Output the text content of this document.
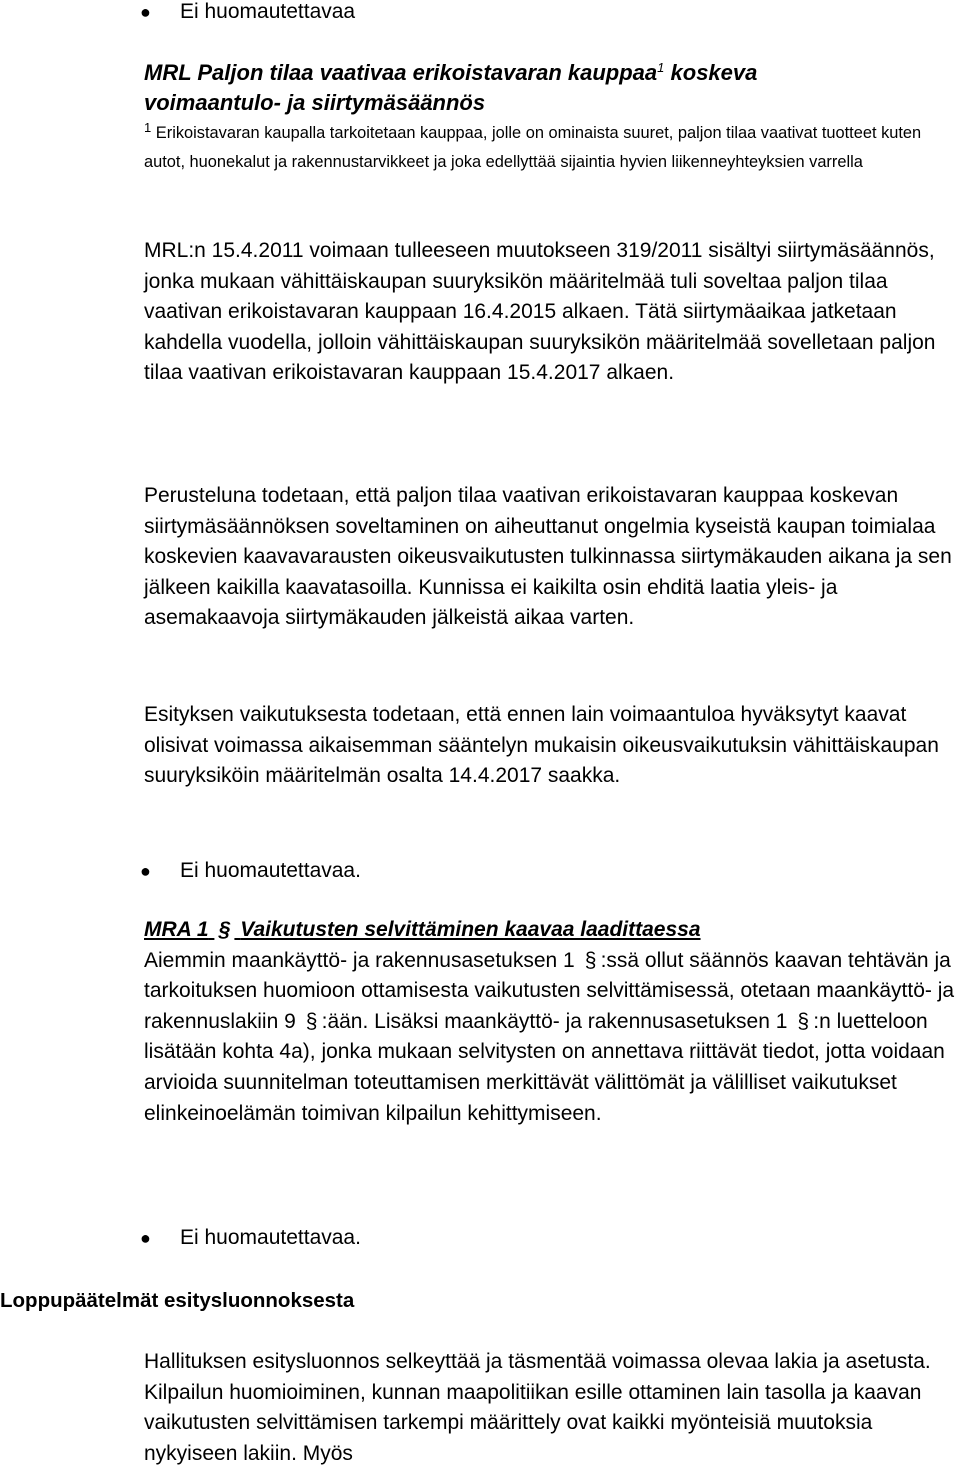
● Ei huomautettavaa

MRL Paljon tilaa vaativaa erikoistavaran kauppaa$^1$ koskeva
voimaantulo- ja siirtymäsäännös

$^1$ Erikoistavaran kaupalla tarkoitetaan kauppaa, jolle on ominaista suuret, paljon tilaa vaativat tuotteet kuten autot, huonekalut ja rakennustarvikkeet ja joka edellyttää sijaintia hyvien liikenneyhteyksien varrella

MRL:n 15.4.2011 voimaan tulleeseen muutokseen 319/2011 sisältyi siirtymäsäännös, jonka mukaan vähittäiskaupan suuryksikön määritelmää tuli soveltaa paljon tilaa vaativan erikoistavaran kauppaan 16.4.2015 alkaen. Tätä siirtymäaikaa jatketaan kahdella vuodella, jolloin vähittäiskaupan suuryksikön määritelmää sovelletaan paljon tilaa vaativan erikoistavaran kauppaan 15.4.2017 alkaen.

Perusteluna todetaan, että paljon tilaa vaativan erikoistavaran kauppaa koskevan siirtymäsäännöksen soveltaminen on aiheuttanut ongelmia kyseistä kaupan toimialaa koskevien kaavavarausten oikeusvaikutusten tulkinnassa siirtymäkauden aikana ja sen jälkeen kaikilla kaavatasoilla. Kunnissa ei kaikilta osin ehditä laatia yleis- ja asemakaavoja siirtymäkauden jälkeistä aikaa varten.

Esityksen vaikutuksesta todetaan, että ennen lain voimaantuloa hyväksytyt kaavat olisivat voimassa aikaisemman sääntelyn mukaisin oikeusvaikutuksin vähittäiskaupan suuryksiköin määritelmän osalta 14.4.2017 saakka.

● Ei huomautettavaa.

MRA 1 § Vaikutusten selvittäminen kaavaa laadittaessa
Aiemmin maankäyttö- ja rakennusasetuksen 1 § :ssä ollut säännös kaavan tehtävän ja tarkoituksen huomioon ottamisesta vaikutusten selvittämisessä, otetaan maankäyttö- ja rakennuslakiin 9 § :ään. Lisäksi maankäyttö- ja rakennusasetuksen 1 § :n luetteloon lisätään kohta 4a), jonka mukaan selvitysten on annettava riittävät tiedot, jotta voidaan arvioida suunnitelman toteuttamisen merkittävät välittömät ja välilliset vaikutukset elinkeinoelämän toimivan kilpailun kehittymiseen.

● Ei huomautettavaa.
Loppupäätelmät esitysluonnoksesta

Hallituksen esitysluonnos selkeyttää ja täsmentää voimassa olevaa lakia ja asetusta. Kilpailun huomioiminen, kunnan maapolitiikan esille ottaminen lain tasolla ja kaavan vaikutusten selvittämisen tarkempi määrittely ovat kaikki myönteisiä muutoksia nykyiseen lakiin. Myös
